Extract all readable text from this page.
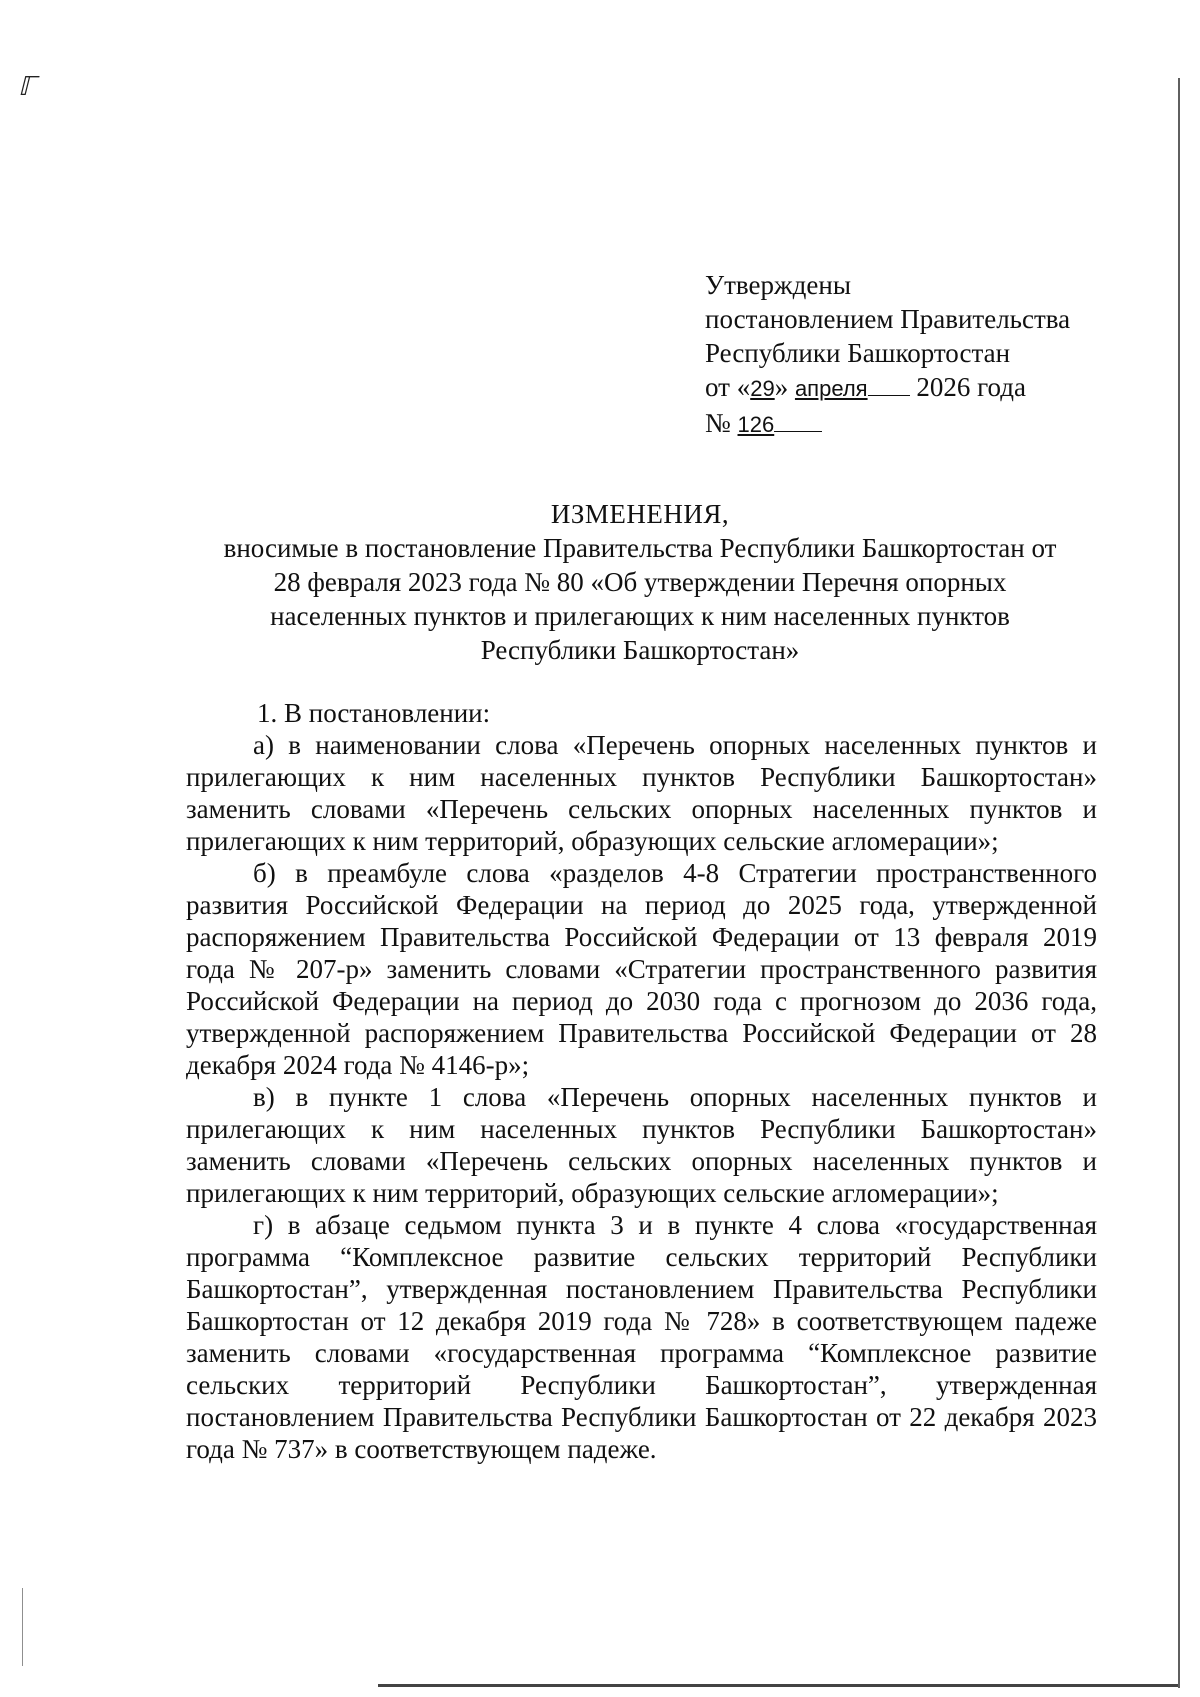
ℾ
Утверждены
постановлением Правительства
Республики Башкортостан
от «29» апреля 2026 года
№ 126
ИЗМЕНЕНИЯ,
вносимые в постановление Правительства Республики Башкортостан от
28 февраля 2023 года № 80 «Об утверждении Перечня опорных
населенных пунктов и прилегающих к ним населенных пунктов
Республики Башкортостан»

1. В постановлении:

а) в наименовании слова «Перечень опорных населенных пунктов и прилегающих к ним населенных пунктов Республики Башкортостан» заменить словами «Перечень сельских опорных населенных пунктов и прилегающих к ним территорий, образующих сельские агломерации»;

б) в преамбуле слова «разделов 4-8 Стратегии пространственного развития Российской Федерации на период до 2025 года, утвержденной распоряжением Правительства Российской Федерации от 13 февраля 2019 года № 207-р» заменить словами «Стратегии пространственного развития Российской Федерации на период до 2030 года с прогнозом до 2036 года, утвержденной распоряжением Правительства Российской Федерации от 28 декабря 2024 года № 4146-р»;

в) в пункте 1 слова «Перечень опорных населенных пунктов и прилегающих к ним населенных пунктов Республики Башкортостан» заменить словами «Перечень сельских опорных населенных пунктов и прилегающих к ним территорий, образующих сельские агломерации»;

г) в абзаце седьмом пункта 3 и в пункте 4 слова «государственная программа “Комплексное развитие сельских территорий Республики Башкортостан”, утвержденная постановлением Правительства Республики Башкортостан от 12 декабря 2019 года № 728» в соответствующем падеже заменить словами «государственная программа “Комплексное развитие сельских территорий Республики Башкортостан”, утвержденная постановлением Правительства Республики Башкортостан от 22 декабря 2023 года № 737» в соответствующем падеже.
